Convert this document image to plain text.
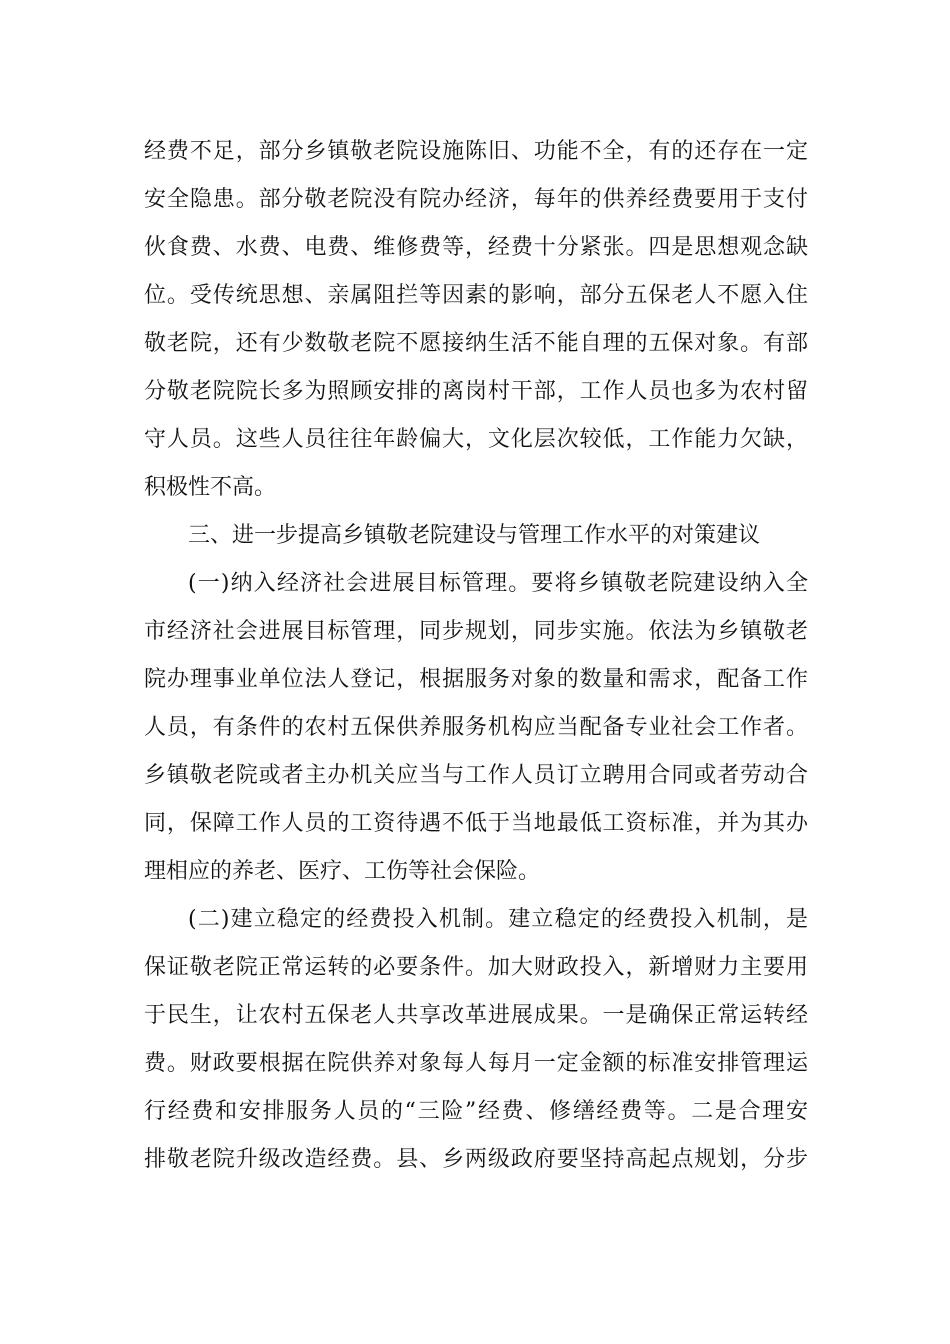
经费不足，部分乡镇敬老院设施陈旧、功能不全，有的还存在一定
安全隐患。部分敬老院没有院办经济，每年的供养经费要用于支付
伙食费、水费、电费、维修费等，经费十分紧张。四是思想观念缺
位。受传统思想、亲属阻拦等因素的影响，部分五保老人不愿入住
敬老院，还有少数敬老院不愿接纳生活不能自理的五保对象。有部
分敬老院院长多为照顾安排的离岗村干部，工作人员也多为农村留
守人员。这些人员往往年龄偏大，文化层次较低，工作能力欠缺，
积极性不高。
三、进一步提高乡镇敬老院建设与管理工作水平的对策建议
(一)纳入经济社会进展目标管理。要将乡镇敬老院建设纳入全
市经济社会进展目标管理，同步规划，同步实施。依法为乡镇敬老
院办理事业单位法人登记，根据服务对象的数量和需求，配备工作
人员，有条件的农村五保供养服务机构应当配备专业社会工作者。
乡镇敬老院或者主办机关应当与工作人员订立聘用合同或者劳动合
同，保障工作人员的工资待遇不低于当地最低工资标准，并为其办
理相应的养老、医疗、工伤等社会保险。
(二)建立稳定的经费投入机制。建立稳定的经费投入机制，是
保证敬老院正常运转的必要条件。加大财政投入，新增财力主要用
于民生，让农村五保老人共享改革进展成果。一是确保正常运转经
费。财政要根据在院供养对象每人每月一定金额的标准安排管理运
行经费和安排服务人员的“三险”经费、修缮经费等。二是合理安
排敬老院升级改造经费。县、乡两级政府要坚持高起点规划，分步
